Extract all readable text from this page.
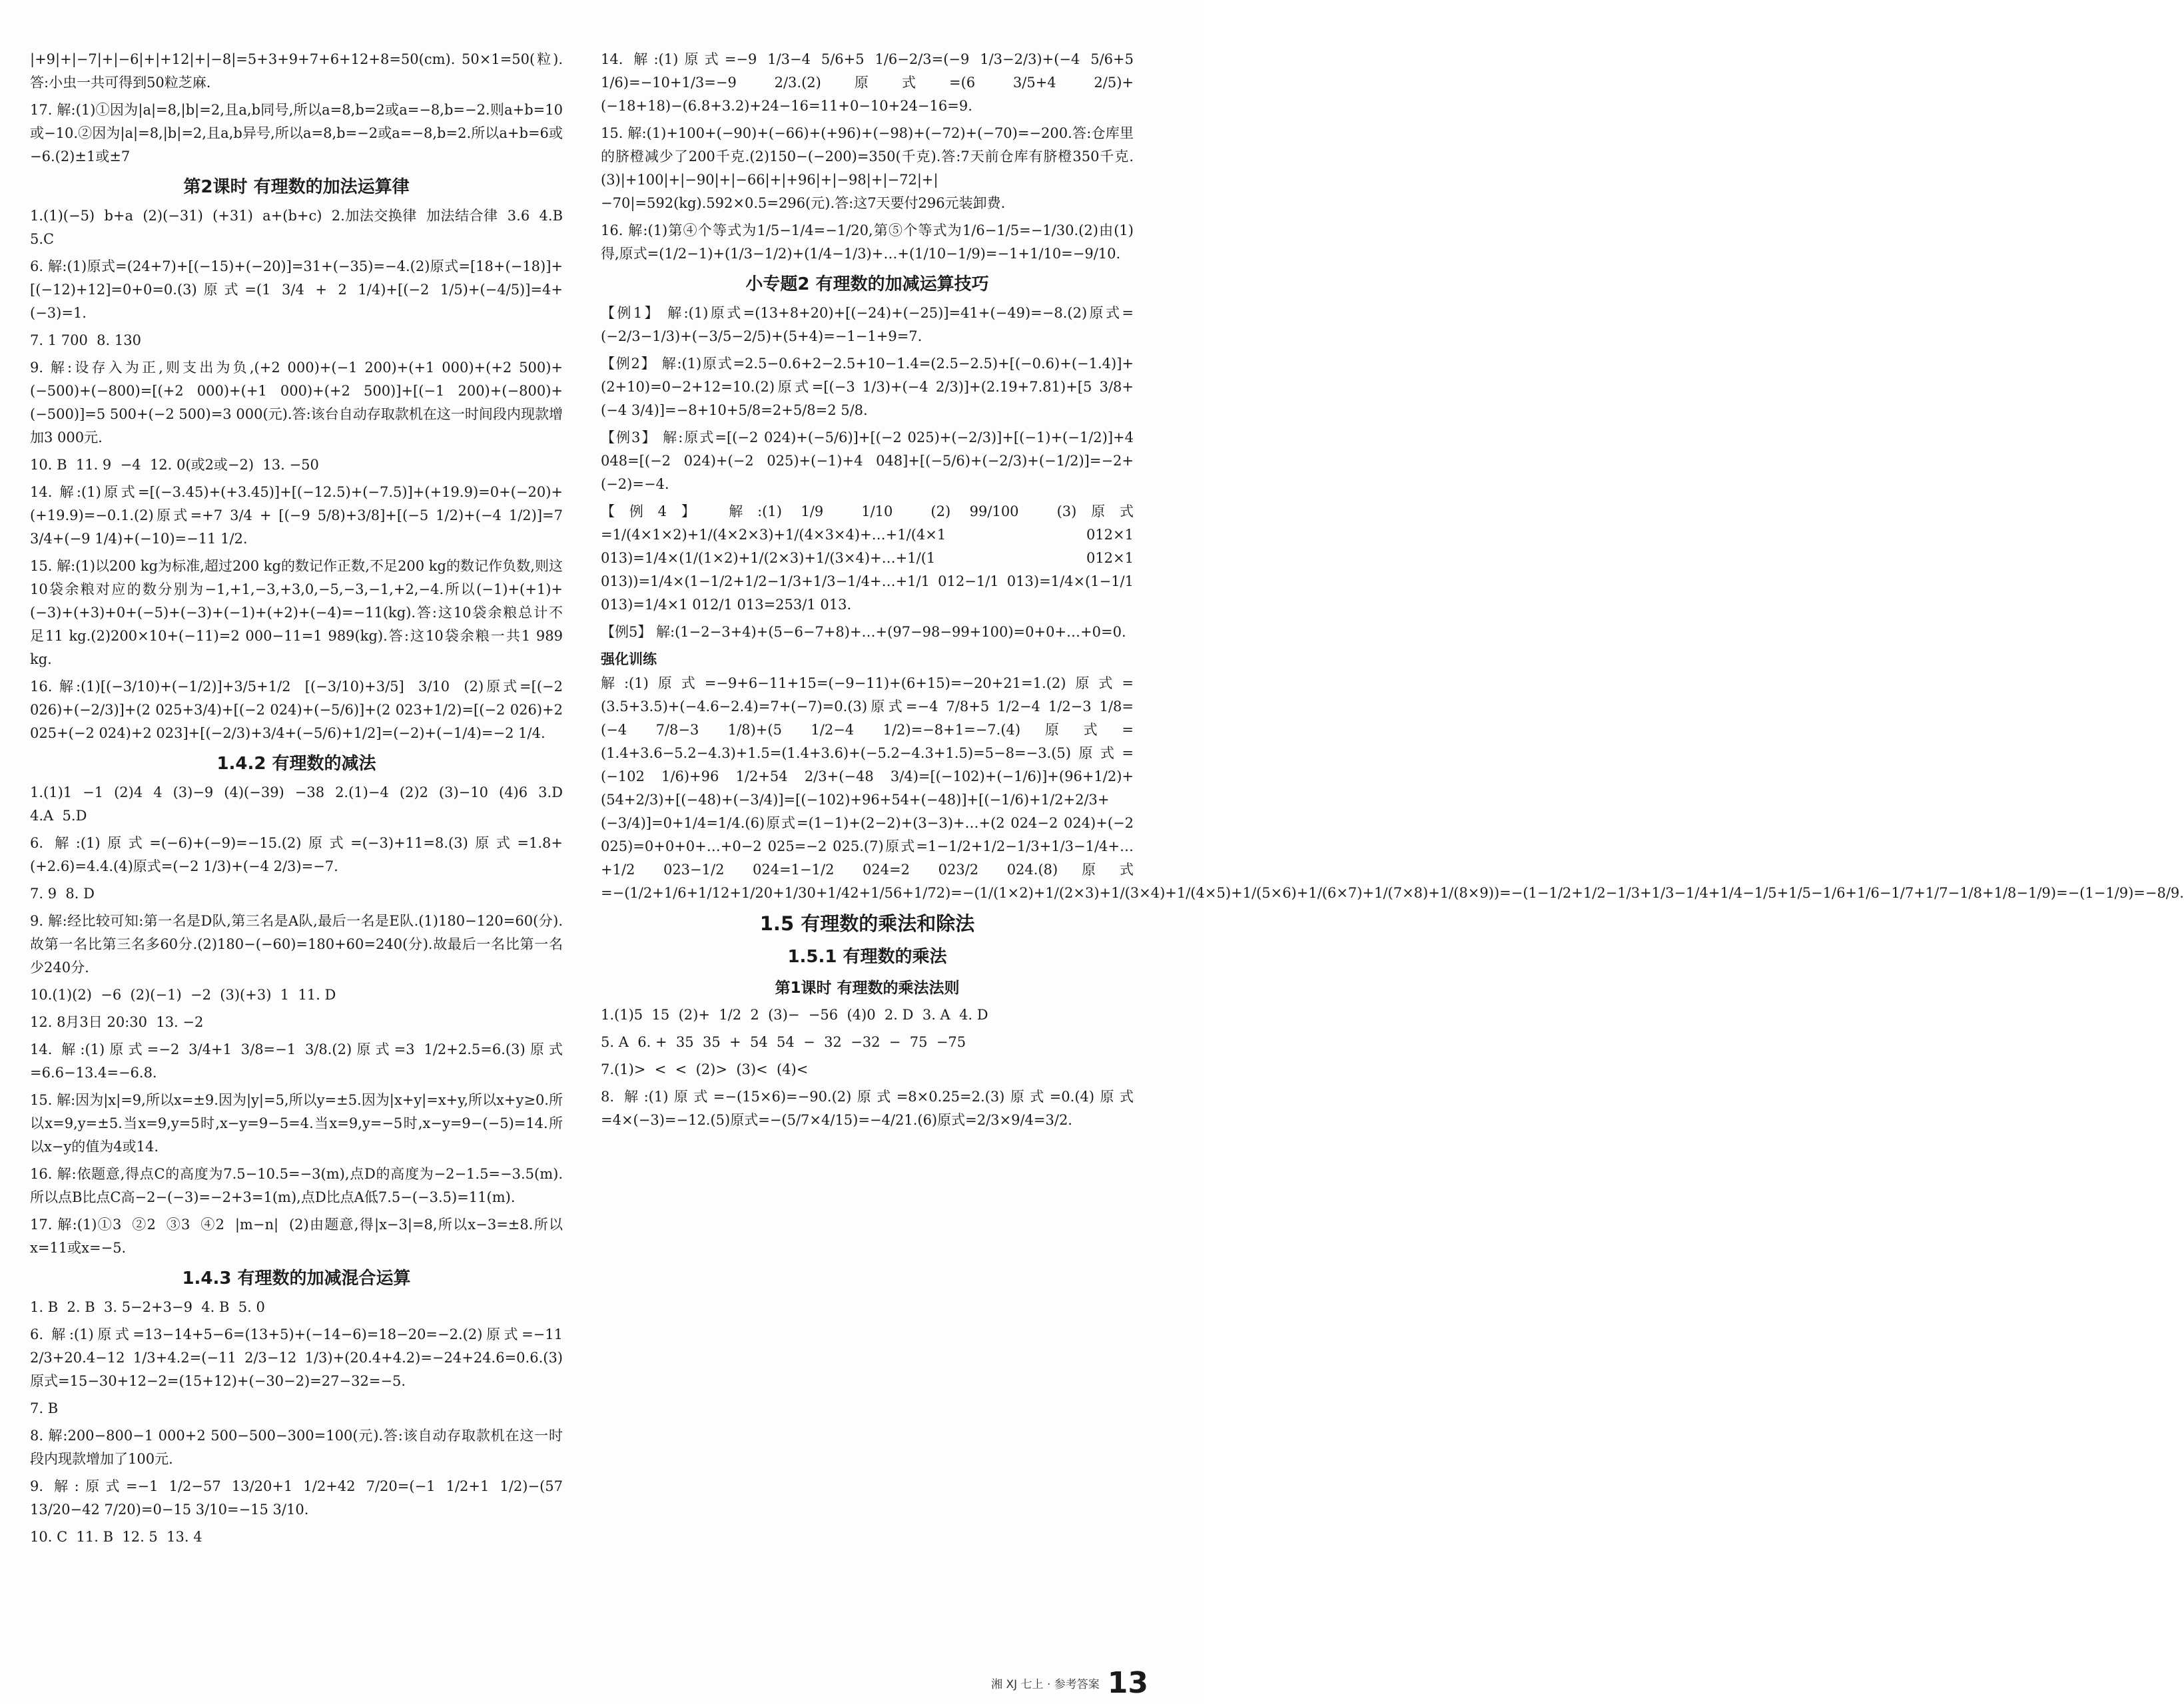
|+9|+|−7|+|−6|+|+12|+|−8|=5+3+9+7+6+12+8=50(cm). 50×1=50(粒). 答:小虫一共可得到50粒芝麻.
17. 解:(1)①因为|a|=8,|b|=2,且a,b同号,所以a=8,b=2或a=−8,b=−2.则a+b=10或−10.②因为|a|=8,|b|=2,且a,b异号,所以a=8,b=−2或a=−8,b=2.所以a+b=6或−6.(2)±1或±7
第2课时 有理数的加法运算律
1.(1)(−5)  b+a  (2)(−31)  (+31)  a+(b+c)  2.加法交换律  加法结合律  3.6  4.B  5.C
6. 解:(1)原式=(24+7)+[(−15)+(−20)]=31+(−35)=−4.(2)原式=[18+(−18)]+[(−12)+12]=0+0=0.(3)原式=(1 3/4 + 2 1/4)+[(−2 1/5)+(−4/5)]=4+(−3)=1.
7. 1 700  8. 130
9. 解:设存入为正,则支出为负,(+2 000)+(−1 200)+(+1 000)+(+2 500)+(−500)+(−800)=[(+2 000)+(+1 000)+(+2 500)]+[(−1 200)+(−800)+(−500)]=5 500+(−2 500)=3 000(元).答:该台自动存取款机在这一时间段内现款增加3 000元.
10. B  11. 9  −4  12. 0(或2或−2)  13. −50
14. 解:(1)原式=[(−3.45)+(+3.45)]+[(−12.5)+(−7.5)]+(+19.9)=0+(−20)+(+19.9)=−0.1.(2)原式=+7 3/4 + [(−9 5/8)+3/8]+[(−5 1/2)+(−4 1/2)]=7 3/4+(−9 1/4)+(−10)=−11 1/2.
15. 解:(1)以200 kg为标准,超过200 kg的数记作正数,不足200 kg的数记作负数,则这10袋余粮对应的数分别为−1,+1,−3,+3,0,−5,−3,−1,+2,−4.所以(−1)+(+1)+(−3)+(+3)+0+(−5)+(−3)+(−1)+(+2)+(−4)=−11(kg).答:这10袋余粮总计不足11 kg.(2)200×10+(−11)=2 000−11=1 989(kg).答:这10袋余粮一共1 989 kg.
16. 解:(1)[(−3/10)+(−1/2)]+3/5+1/2  [(−3/10)+3/5]  3/10  (2)原式=[(−2 026)+(−2/3)]+(2 025+3/4)+[(−2 024)+(−5/6)]+(2 023+1/2)=[(−2 026)+2 025+(−2 024)+2 023]+[(−2/3)+3/4+(−5/6)+1/2]=(−2)+(−1/4)=−2 1/4.
1.4.2 有理数的减法
1.(1)1  −1  (2)4  4  (3)−9  (4)(−39)  −38  2.(1)−4  (2)2  (3)−10  (4)6  3.D  4.A  5.D
6. 解:(1)原式=(−6)+(−9)=−15.(2)原式=(−3)+11=8.(3)原式=1.8+(+2.6)=4.4.(4)原式=(−2 1/3)+(−4 2/3)=−7.
7. 9  8. D
9. 解:经比较可知:第一名是D队,第三名是A队,最后一名是E队.(1)180−120=60(分).故第一名比第三名多60分.(2)180−(−60)=180+60=240(分).故最后一名比第一名少240分.
10.(1)(2)  −6  (2)(−1)  −2  (3)(+3)  1  11. D
12. 8月3日 20:30  13. −2
14. 解:(1)原式=−2 3/4+1 3/8=−1 3/8.(2)原式=3 1/2+2.5=6.(3)原式=6.6−13.4=−6.8.
15. 解:因为|x|=9,所以x=±9.因为|y|=5,所以y=±5.因为|x+y|=x+y,所以x+y≥0.所以x=9,y=±5.当x=9,y=5时,x−y=9−5=4.当x=9,y=−5时,x−y=9−(−5)=14.所以x−y的值为4或14.
16. 解:依题意,得点C的高度为7.5−10.5=−3(m),点D的高度为−2−1.5=−3.5(m).所以点B比点C高−2−(−3)=−2+3=1(m),点D比点A低7.5−(−3.5)=11(m).
17. 解:(1)①3  ②2  ③3  ④2  |m−n|  (2)由题意,得|x−3|=8,所以x−3=±8.所以x=11或x=−5.
1.4.3 有理数的加减混合运算
1. B  2. B  3. 5−2+3−9  4. B  5. 0
6. 解:(1)原式=13−14+5−6=(13+5)+(−14−6)=18−20=−2.(2)原式=−11 2/3+20.4−12 1/3+4.2=(−11 2/3−12 1/3)+(20.4+4.2)=−24+24.6=0.6.(3)原式=15−30+12−2=(15+12)+(−30−2)=27−32=−5.
7. B
8. 解:200−800−1 000+2 500−500−300=100(元).答:该自动存取款机在这一时段内现款增加了100元.
9. 解:原式=−1 1/2−57 13/20+1 1/2+42 7/20=(−1 1/2+1 1/2)−(57 13/20−42 7/20)=0−15 3/10=−15 3/10.
10. C  11. B  12. 5  13. 4
14. 解:(1)原式=−9 1/3−4 5/6+5 1/6−2/3=(−9 1/3−2/3)+(−4 5/6+5 1/6)=−10+1/3=−9 2/3.(2)原式=(6 3/5+4 2/5)+(−18+18)−(6.8+3.2)+24−16=11+0−10+24−16=9.
15. 解:(1)+100+(−90)+(−66)+(+96)+(−98)+(−72)+(−70)=−200.答:仓库里的脐橙减少了200千克.(2)150−(−200)=350(千克).答:7天前仓库有脐橙350千克.(3)|+100|+|−90|+|−66|+|+96|+|−98|+|−72|+|−70|=592(kg).592×0.5=296(元).答:这7天要付296元装卸费.
16. 解:(1)第④个等式为1/5−1/4=−1/20,第⑤个等式为1/6−1/5=−1/30.(2)由(1)得,原式=(1/2−1)+(1/3−1/2)+(1/4−1/3)+…+(1/10−1/9)=−1+1/10=−9/10.
小专题2 有理数的加减运算技巧
【例1】 解:(1)原式=(13+8+20)+[(−24)+(−25)]=41+(−49)=−8.(2)原式=(−2/3−1/3)+(−3/5−2/5)+(5+4)=−1−1+9=7.
【例2】 解:(1)原式=2.5−0.6+2−2.5+10−1.4=(2.5−2.5)+[(−0.6)+(−1.4)]+(2+10)=0−2+12=10.(2)原式=[(−3 1/3)+(−4 2/3)]+(2.19+7.81)+[5 3/8+(−4 3/4)]=−8+10+5/8=2+5/8=2 5/8.
【例3】 解:原式=[(−2 024)+(−5/6)]+[(−2 025)+(−2/3)]+[(−1)+(−1/2)]+4 048=[(−2 024)+(−2 025)+(−1)+4 048]+[(−5/6)+(−2/3)+(−1/2)]=−2+(−2)=−4.
【例4】 解:(1) 1/9  1/10  (2) 99/100  (3)原式=1/(4×1×2)+1/(4×2×3)+1/(4×3×4)+…+1/(4×1 012×1 013)=1/4×(1/(1×2)+1/(2×3)+1/(3×4)+…+1/(1 012×1 013))=1/4×(1−1/2+1/2−1/3+1/3−1/4+…+1/1 012−1/1 013)=1/4×(1−1/1 013)=1/4×1 012/1 013=253/1 013.
【例5】 解:(1−2−3+4)+(5−6−7+8)+…+(97−98−99+100)=0+0+…+0=0.
强化训练
解:(1)原式=−9+6−11+15=(−9−11)+(6+15)=−20+21=1.(2)原式=(3.5+3.5)+(−4.6−2.4)=7+(−7)=0.(3)原式=−4 7/8+5 1/2−4 1/2−3 1/8=(−4 7/8−3 1/8)+(5 1/2−4 1/2)=−8+1=−7.(4)原式=(1.4+3.6−5.2−4.3)+1.5=(1.4+3.6)+(−5.2−4.3+1.5)=5−8=−3.(5)原式=(−102 1/6)+96 1/2+54 2/3+(−48 3/4)=[(−102)+(−1/6)]+(96+1/2)+(54+2/3)+[(−48)+(−3/4)]=[(−102)+96+54+(−48)]+[(−1/6)+1/2+2/3+(−3/4)]=0+1/4=1/4.(6)原式=(1−1)+(2−2)+(3−3)+…+(2 024−2 024)+(−2 025)=0+0+0+…+0−2 025=−2 025.(7)原式=1−1/2+1/2−1/3+1/3−1/4+…+1/2 023−1/2 024=1−1/2 024=2 023/2 024.(8)原式=−(1/2+1/6+1/12+1/20+1/30+1/42+1/56+1/72)=−(1/(1×2)+1/(2×3)+1/(3×4)+1/(4×5)+1/(5×6)+1/(6×7)+1/(7×8)+1/(8×9))=−(1−1/2+1/2−1/3+1/3−1/4+1/4−1/5+1/5−1/6+1/6−1/7+1/7−1/8+1/8−1/9)=−(1−1/9)=−8/9.
1.5 有理数的乘法和除法
1.5.1 有理数的乘法
第1课时 有理数的乘法法则
1.(1)5  15  (2)+  1/2  2  (3)−  −56  (4)0  2. D  3. A  4. D
5. A  6. +  35  35  +  54  54  −  32  −32  −  75  −75
7.(1)>  <  <  (2)>  (3)<  (4)<
8. 解:(1)原式=−(15×6)=−90.(2)原式=8×0.25=2.(3)原式=0.(4)原式=4×(−3)=−12.(5)原式=−(5/7×4/15)=−4/21.(6)原式=2/3×9/4=3/2.
湘 XJ 七上 · 参考答案 13
